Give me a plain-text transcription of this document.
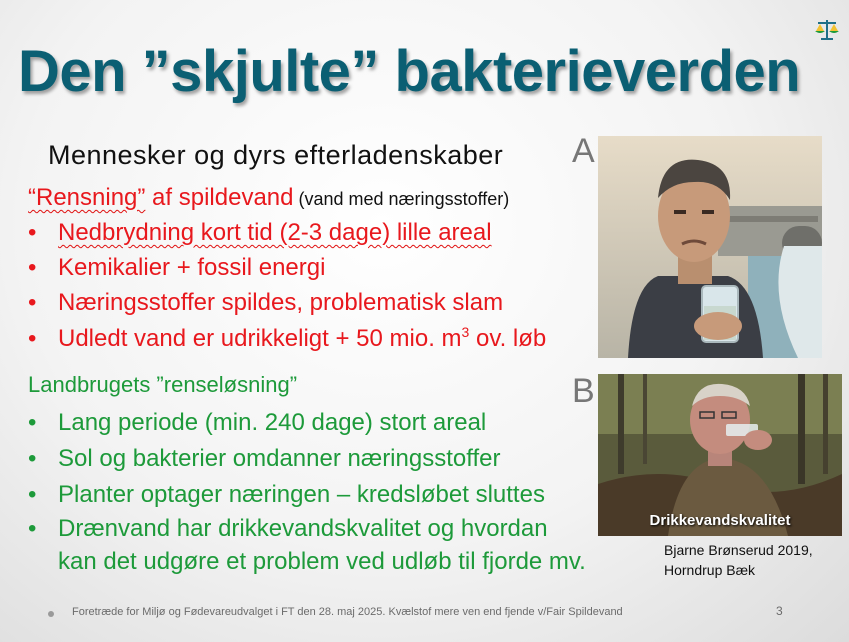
Den ”skjulte” bakterieverden
Mennesker og dyrs efterladenskaber A
“Rensning” af spildevand (vand med næringsstoffer)
• Nedbrydning kort tid (2-3 dage) lille areal
• Kemikalier + fossil energi
• Næringsstoffer spildes, problematisk slam
• Udledt vand er udrikkeligt + 50 mio. $m^3$ ov. løb
Landbrugets ”renseløsning”	B
• Lang periode (min. 240 dage) stort areal
• Sol og bakterier omdanner næringsstoffer
• Planter optager næringen – kredsløbet sluttes
• Drænvand har drikkevandskvalitet og hvordan
kan det udgøre et problem ved udløb til fjorde mv.
Drikkevandskvalitet
Bjarne Brønserud 2019,
Horndrup Bæk
Foretræde for Miljø og Fødevareudvalget i FT den 28. maj 2025. Kvælstof mere ven end fjende v/Fair Spildevand	3
